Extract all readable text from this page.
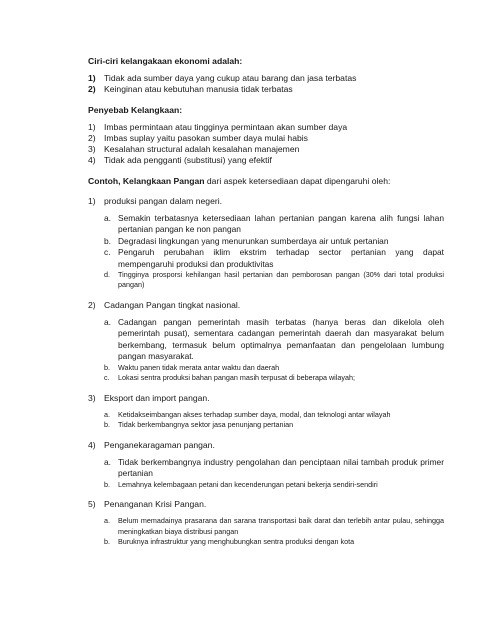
Ciri-ciri kelangakaan ekonomi adalah:
1) Tidak ada sumber daya yang cukup atau barang dan jasa terbatas
2) Keinginan atau kebutuhan manusia tidak terbatas
Penyebab Kelangkaan:
1) Imbas permintaan atau tingginya permintaan akan sumber daya
2) Imbas suplay yaitu pasokan sumber daya mulai habis
3) Kesalahan structural adalah kesalahan manajemen
4) Tidak ada pengganti (substitusi) yang efektif
Contoh, Kelangkaan Pangan dari aspek ketersediaan dapat dipengaruhi oleh:
1) produksi pangan dalam negeri.
a. Semakin terbatasnya ketersediaan lahan pertanian pangan karena alih fungsi lahan pertanian pangan ke non pangan
b. Degradasi lingkungan yang menurunkan sumberdaya air untuk pertanian
c. Pengaruh perubahan iklim ekstrim terhadap sector pertanian yang dapat mempengaruhi produksi dan produktivitas
d.	Tingginya prosporsi kehilangan hasil pertanian dan pemborosan pangan (30% dari total produksi pangan)
2) Cadangan Pangan tingkat nasional.
a. Cadangan pangan pemerintah masih terbatas (hanya beras dan dikelola oleh pemerintah pusat), sementara cadangan pemerintah daerah dan masyarakat belum berkembang, termasuk belum optimalnya pemanfaatan dan pengelolaan lumbung pangan masyarakat.
b.	Waktu panen tidak merata antar waktu dan daerah
c.	Lokasi sentra produksi bahan pangan masih terpusat di beberapa wilayah;
3) Eksport dan import pangan.
a.	Ketidakseimbangan akses terhadap sumber daya, modal, dan teknologi antar wilayah
b.	Tidak berkembangnya sektor jasa penunjang pertanian
4) Penganekaragaman pangan.
a. Tidak berkembangnya industry pengolahan dan penciptaan nilai tambah produk primer pertanian
b.	Lemahnya kelembagaan petani dan kecenderungan petani bekerja sendiri-sendiri
5) Penanganan Krisi Pangan.
a.	Belum memadainya prasarana dan sarana transportasi baik darat dan terlebih antar pulau, sehingga meningkatkan biaya distribusi pangan
b.	Buruknya infrastruktur yang menghubungkan sentra produksi dengan kota
